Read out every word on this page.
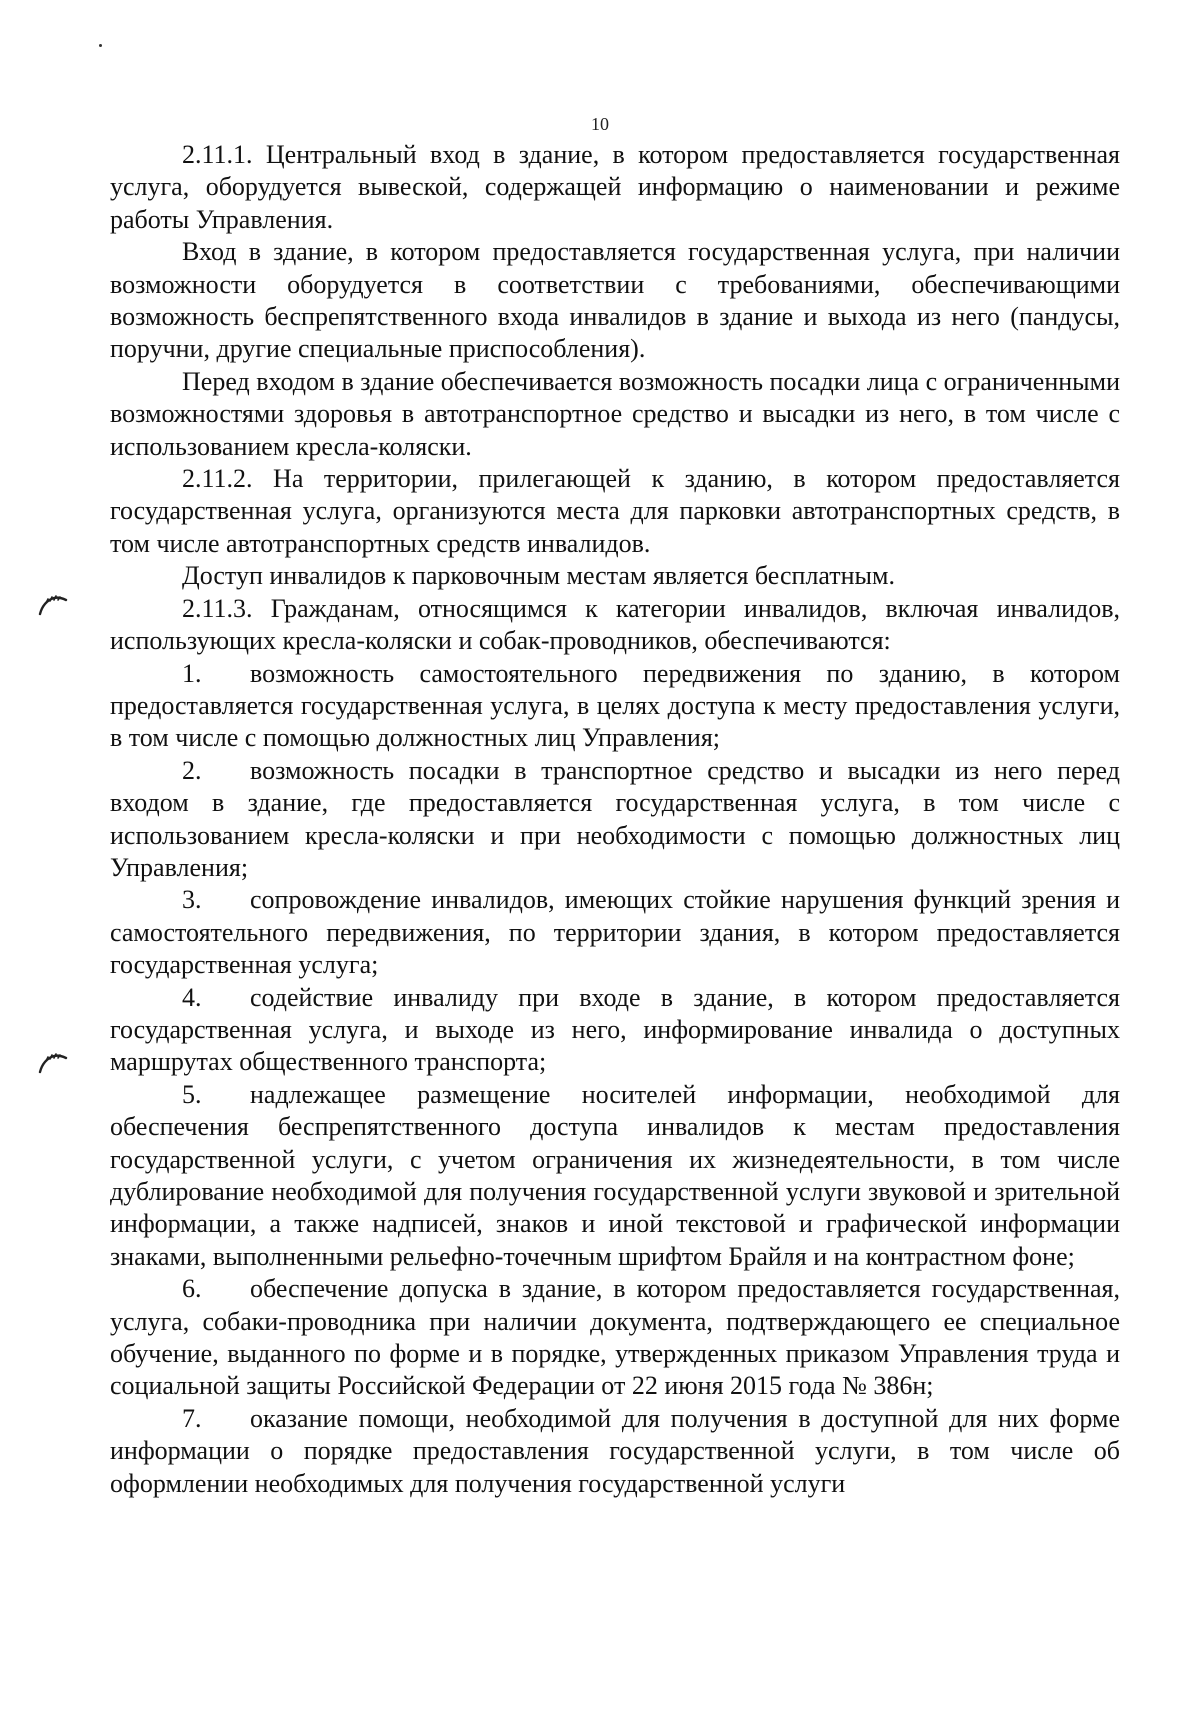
10

2.11.1. Центральный вход в здание, в котором предоставляется государственная услуга, оборудуется вывеской, содержащей информацию о наименовании и режиме работы Управления.

Вход в здание, в котором предоставляется государственная услуга, при наличии возможности оборудуется в соответствии с требованиями, обеспечивающими возможность беспрепятственного входа инвалидов в здание и выхода из него (пандусы, поручни, другие специальные приспособления).

Перед входом в здание обеспечивается возможность посадки лица с ограниченными возможностями здоровья в автотранспортное средство и высадки из него, в том числе с использованием кресла-коляски.

2.11.2. На территории, прилегающей к зданию, в котором предоставляется государственная услуга, организуются места для парковки автотранспортных средств, в том числе автотранспортных средств инвалидов.

Доступ инвалидов к парковочным местам является бесплатным.

2.11.3. Гражданам, относящимся к категории инвалидов, включая инвалидов, использующих кресла-коляски и собак-проводников, обеспечиваются:

1. возможность самостоятельного передвижения по зданию, в котором предоставляется государственная услуга, в целях доступа к месту предоставления услуги, в том числе с помощью должностных лиц Управления;

2. возможность посадки в транспортное средство и высадки из него перед входом в здание, где предоставляется государственная услуга, в том числе с использованием кресла-коляски и при необходимости с помощью должностных лиц Управления;

3. сопровождение инвалидов, имеющих стойкие нарушения функций зрения и самостоятельного передвижения, по территории здания, в котором предоставляется государственная услуга;

4. содействие инвалиду при входе в здание, в котором предоставляется государственная услуга, и выходе из него, информирование инвалида о доступных маршрутах общественного транспорта;

5. надлежащее размещение носителей информации, необходимой для обеспечения беспрепятственного доступа инвалидов к местам предоставления государственной услуги, с учетом ограничения их жизнедеятельности, в том числе дублирование необходимой для получения государственной услуги звуковой и зрительной информации, а также надписей, знаков и иной текстовой и графической информации знаками, выполненными рельефно-точечным шрифтом Брайля и на контрастном фоне;

6. обеспечение допуска в здание, в котором предоставляется государственная, услуга, собаки-проводника при наличии документа, подтверждающего ее специальное обучение, выданного по форме и в порядке, утвержденных приказом Управления труда и социальной защиты Российской Федерации от 22 июня 2015 года № 386н;

7. оказание помощи, необходимой для получения в доступной для них форме информации о порядке предоставления государственной услуги, в том числе об оформлении необходимых для получения государственной услуги
